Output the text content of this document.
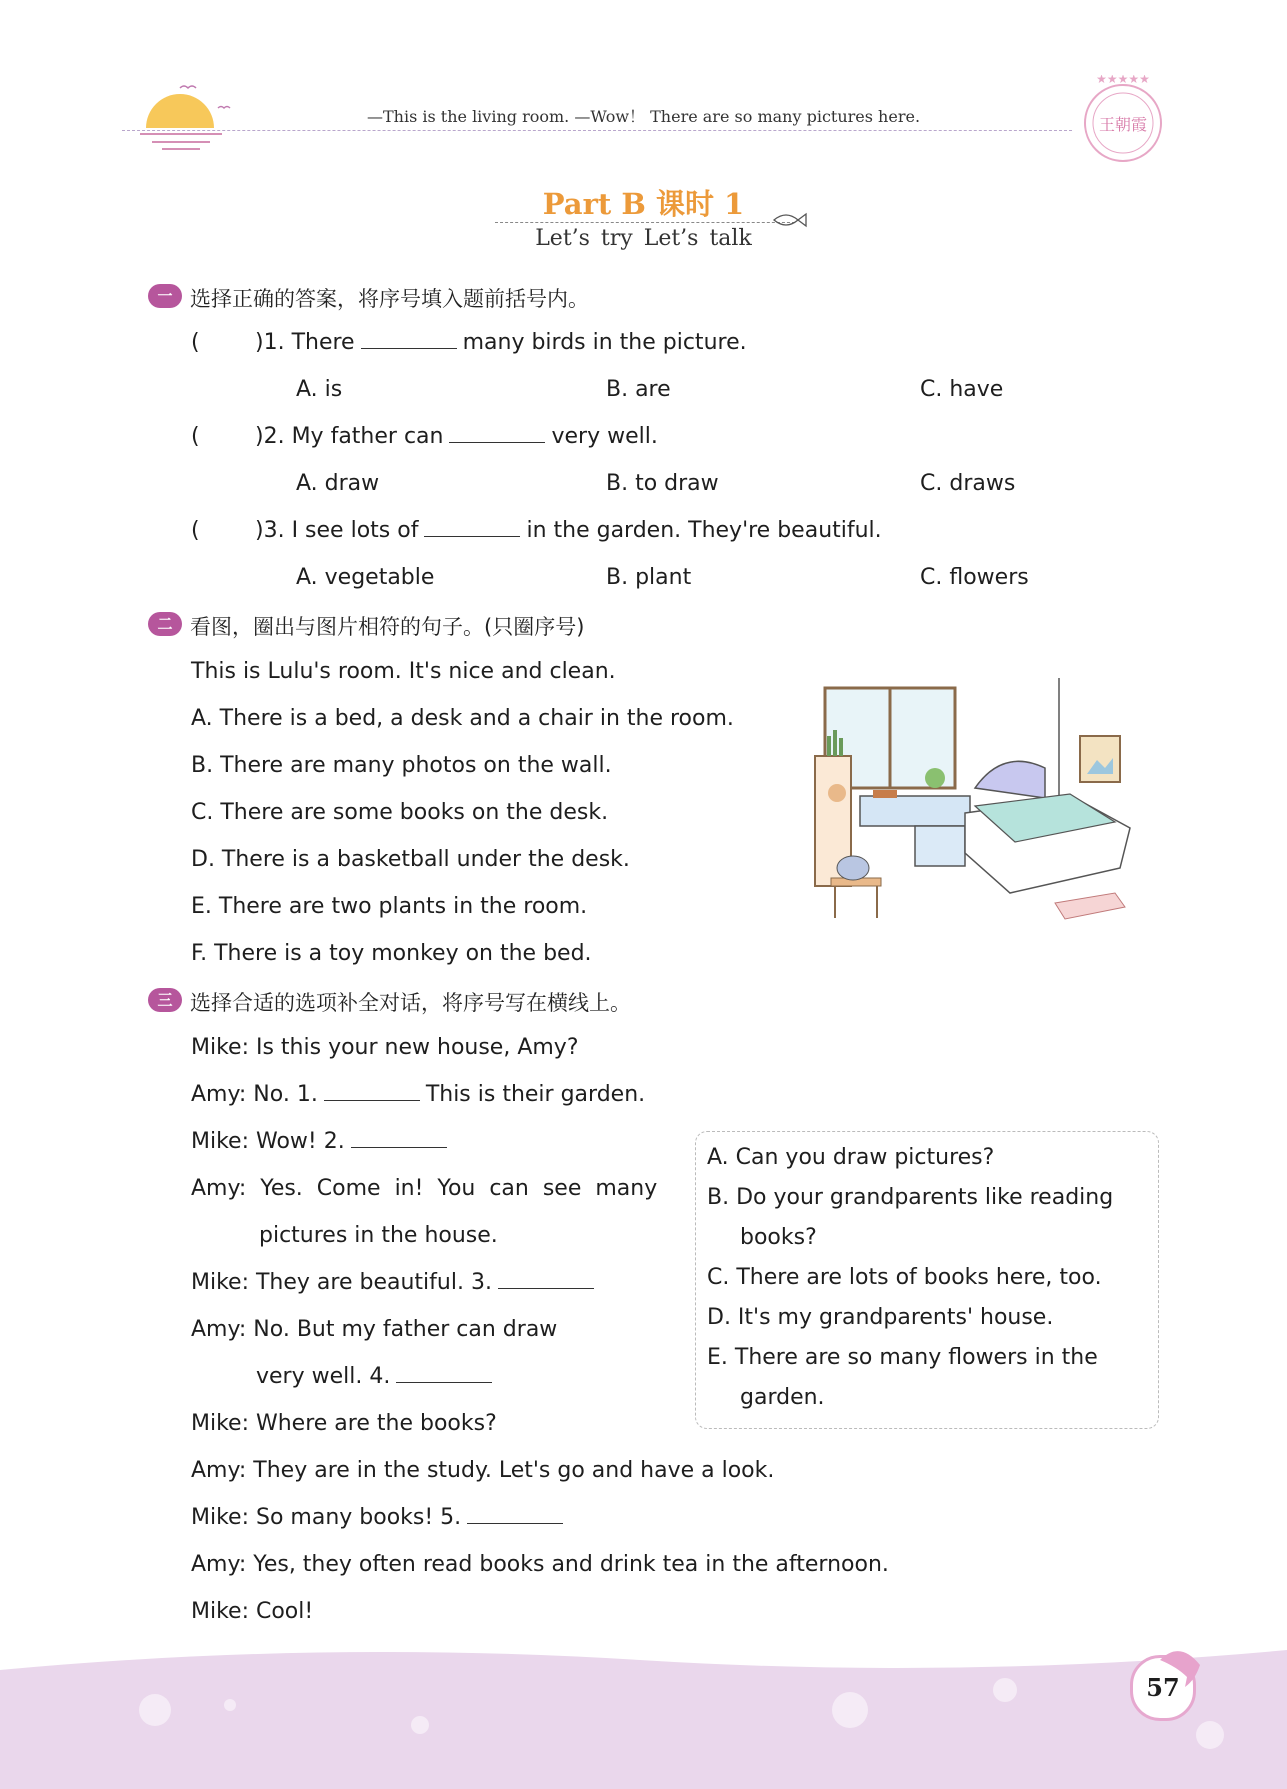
—This is the living room. —Wow！ There are so many pictures here.
★★★★★
王朝霞
Part B 课时 1
Let’s try Let’s talk
一 选择正确的答案，将序号填入题前括号内。
(	)1. There	many birds in the picture.
A. is	B. are	C. have
(	)2. My father can	very well.
A. draw	B. to draw	C. draws
(	)3. I see lots of	in the garden. They're beautiful.
A. vegetable	B. plant	C. flowers
二 看图，圈出与图片相符的句子。(只圈序号)
This is Lulu's room. It's nice and clean.
A. There is a bed, a desk and a chair in the room.
B. There are many photos on the wall.
C. There are some books on the desk.
D. There is a basketball under the desk.
E. There are two plants in the room.
F. There is a toy monkey on the bed.
三 选择合适的选项补全对话，将序号写在横线上。
Mike: Is this your new house, Amy?
Amy: No. 1.	This is their garden.
Mike: Wow! 2.
Amy:  Yes.  Come  in!  You  can  see  many
pictures in the house.
Mike: They are beautiful. 3.
Amy: No. But my father can draw
very well. 4.
Mike: Where are the books?
Amy: They are in the study. Let's go and have a look.
Mike: So many books! 5.
Amy: Yes, they often read books and drink tea in the afternoon.
Mike: Cool!
A. Can you draw pictures?
B. Do your grandparents like reading
books?
C. There are lots of books here, too.
D. It's my grandparents' house.
E. There are so many flowers in the
garden.
57
